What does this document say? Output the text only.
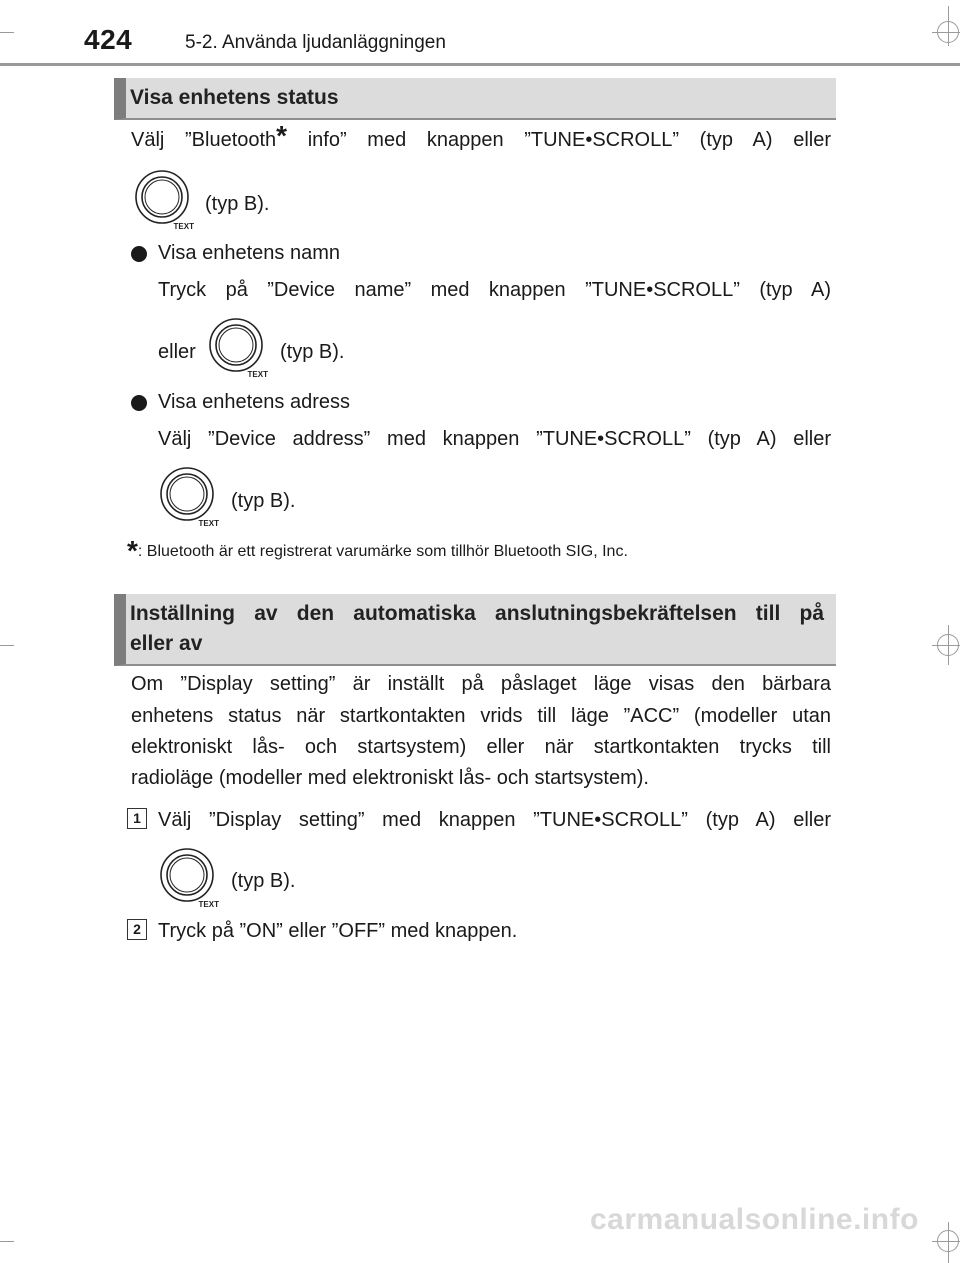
424	5-2. Använda ljudanläggningen
Visa enhetens status
Välj ”Bluetooth* info” med knappen ”TUNE•SCROLL” (typ A) eller
TEXT
(typ B).
Visa enhetens namn
Tryck på ”Device name” med knappen ”TUNE•SCROLL” (typ A)
eller
TEXT
(typ B).
Visa enhetens adress
Välj ”Device address” med knappen ”TUNE•SCROLL” (typ A) eller
TEXT
(typ B).
*: Bluetooth är ett registrerat varumärke som tillhör Bluetooth SIG, Inc.
Inställning av den automatiska anslutningsbekräftelsen till på
eller av
Om ”Display setting” är inställt på påslaget läge visas den bärbara
enhetens status när startkontakten vrids till läge ”ACC” (modeller utan
elektroniskt lås- och startsystem) eller när startkontakten trycks till
radioläge (modeller med elektroniskt lås- och startsystem).
1 Välj ”Display setting” med knappen ”TUNE•SCROLL” (typ A) eller
TEXT
(typ B).
2 Tryck på ”ON” eller ”OFF” med knappen.
carmanualsonline.info
